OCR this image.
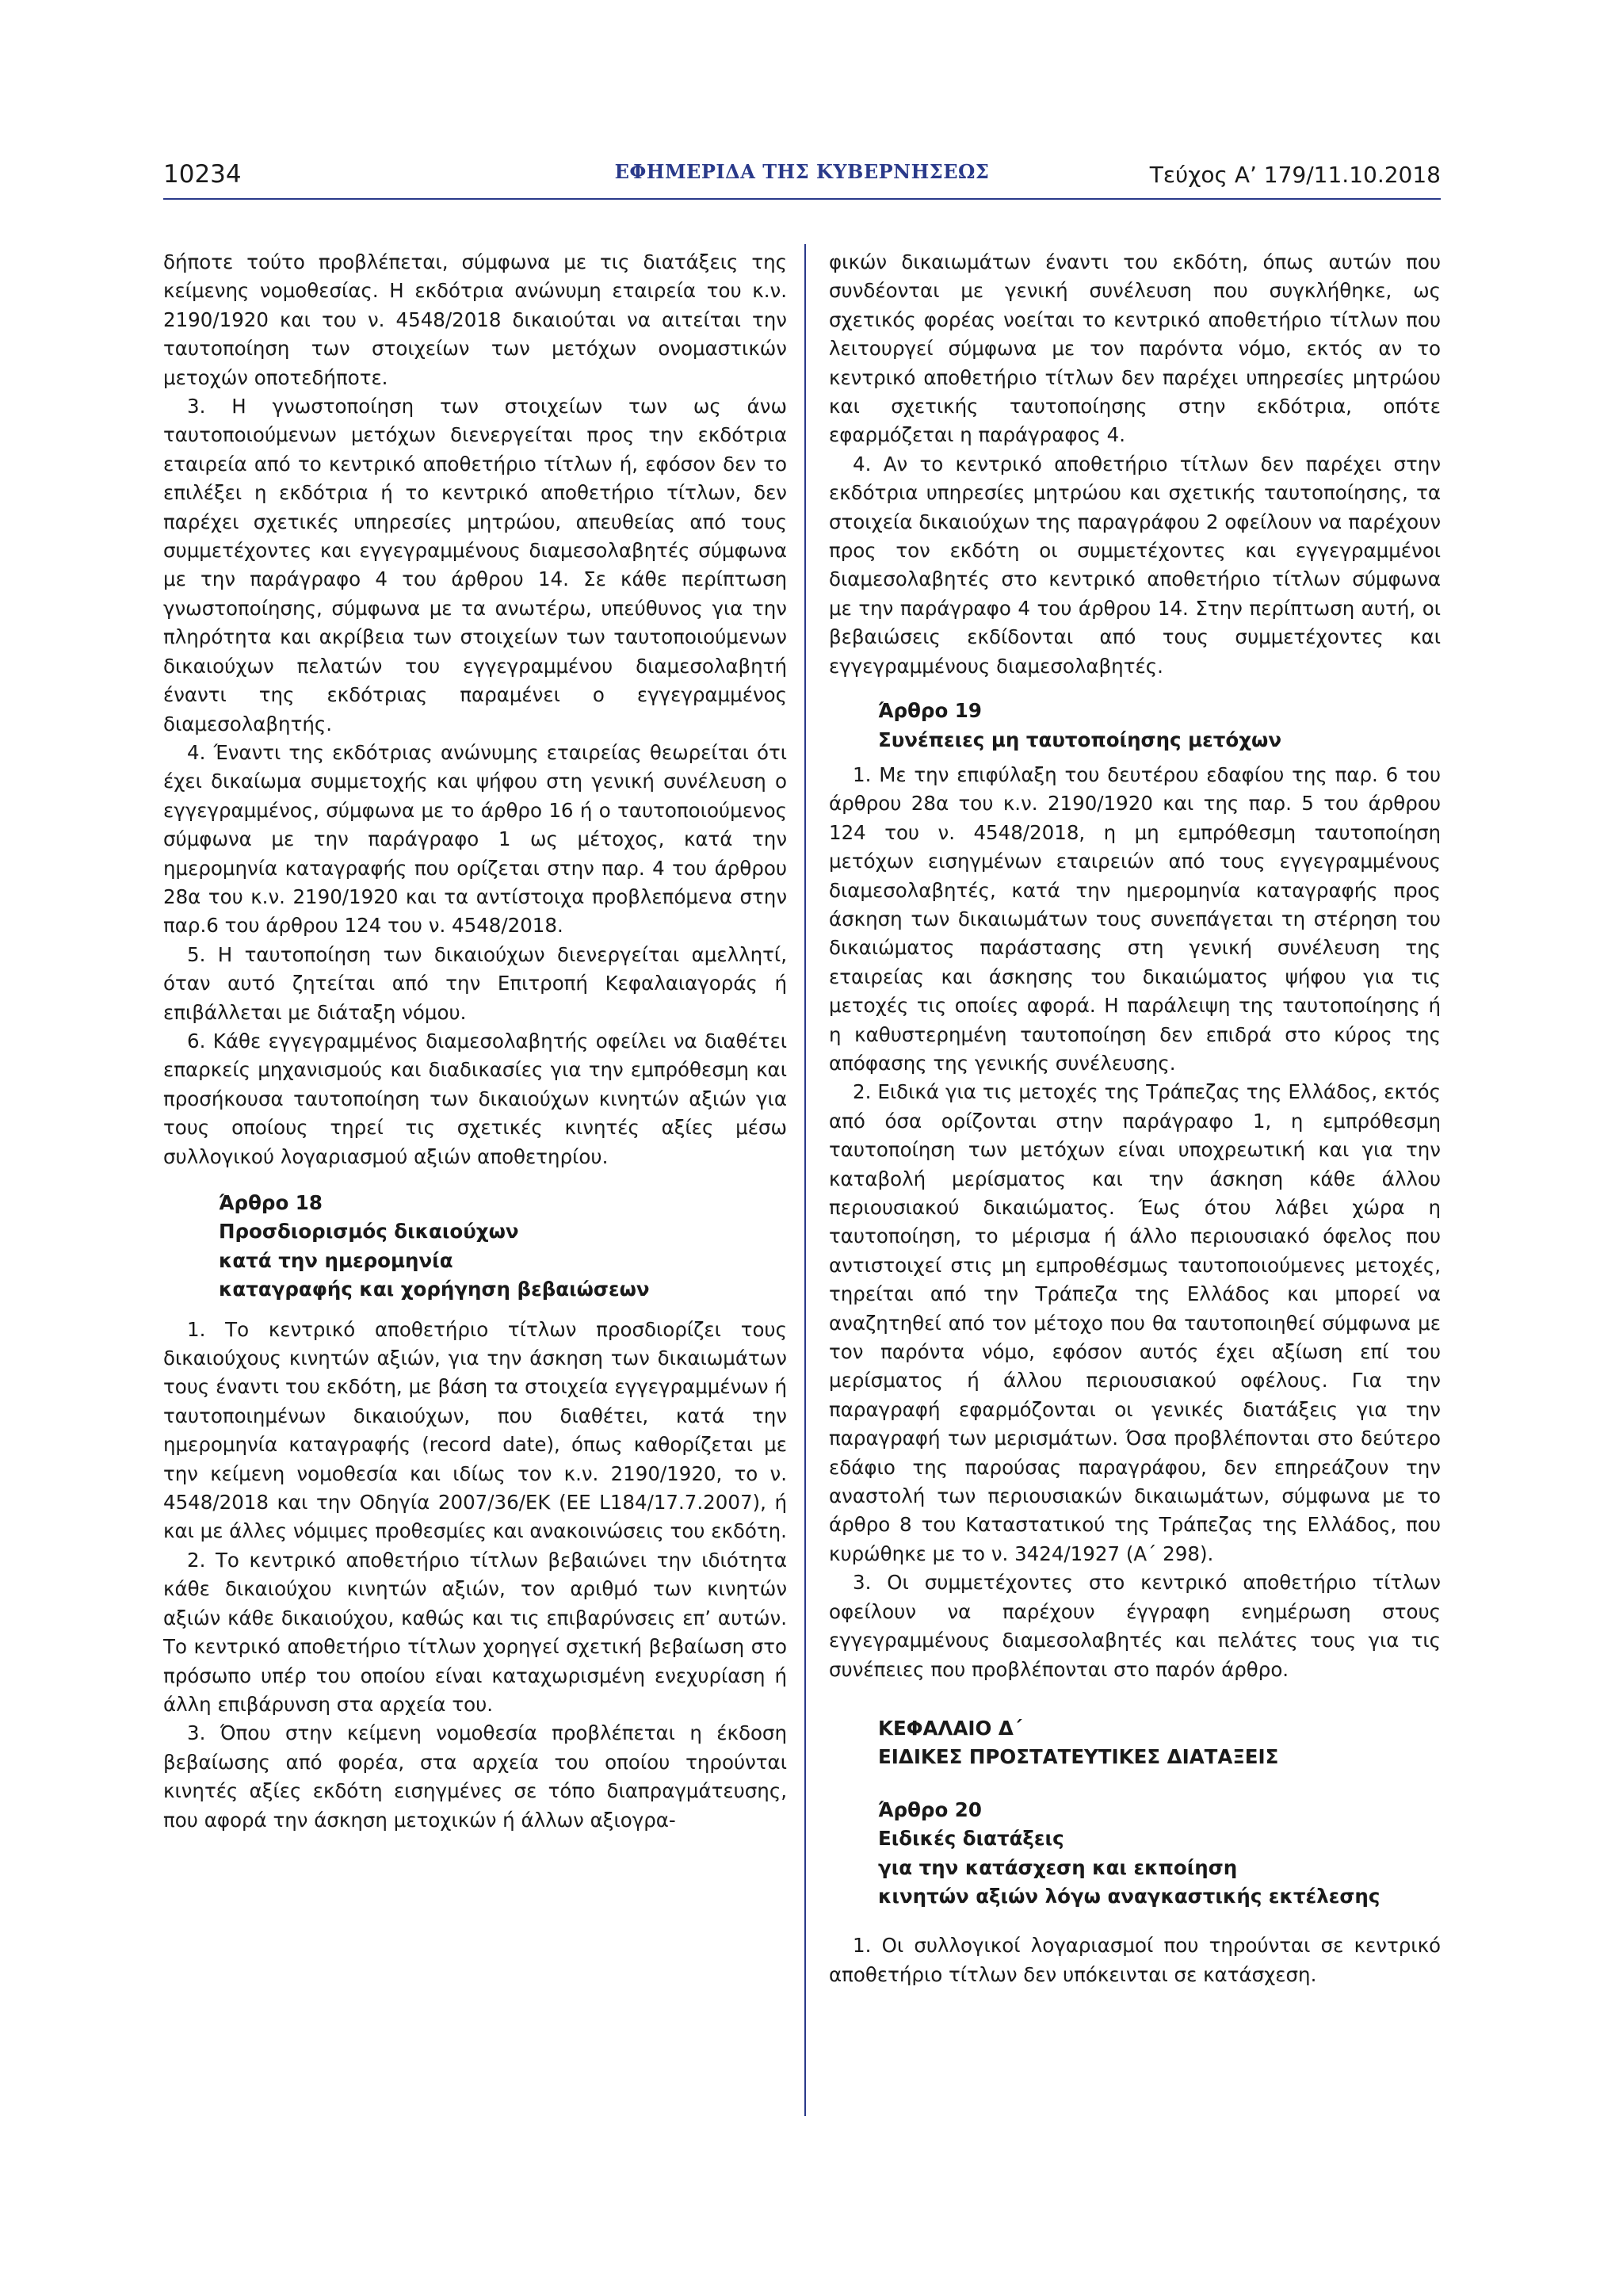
10234	ΕΦΗΜΕΡΙΔΑ ΤΗΣ ΚΥΒΕΡΝΗΣΕΩΣ	Τεύχος Α’ 179/11.10.2018

δήποτε τούτο προβλέπεται, σύμφωνα με τις διατάξεις της κείμενης νομοθεσίας. Η εκδότρια ανώνυμη εταιρεία του κ.ν. 2190/1920 και του ν. 4548/2018 δικαιούται να αιτείται την ταυτοποίηση των στοιχείων των μετόχων ονομαστικών μετοχών οποτεδήποτε.

3. Η γνωστοποίηση των στοιχείων των ως άνω ταυτοποιούμενων μετόχων διενεργείται προς την εκδότρια εταιρεία από το κεντρικό αποθετήριο τίτλων ή, εφόσον δεν το επιλέξει η εκδότρια ή το κεντρικό αποθετήριο τίτλων, δεν παρέχει σχετικές υπηρεσίες μητρώου, απευθείας από τους συμμετέχοντες και εγγεγραμμένους διαμεσολαβητές σύμφωνα με την παράγραφο 4 του άρθρου 14. Σε κάθε περίπτωση γνωστοποίησης, σύμφωνα με τα ανωτέρω, υπεύθυνος για την πληρότητα και ακρίβεια των στοιχείων των ταυτοποιούμενων δικαιούχων πελατών του εγγεγραμμένου διαμεσολαβητή έναντι της εκδότριας παραμένει ο εγγεγραμμένος διαμεσολαβητής.

4. Έναντι της εκδότριας ανώνυμης εταιρείας θεωρείται ότι έχει δικαίωμα συμμετοχής και ψήφου στη γενική συνέλευση ο εγγεγραμμένος, σύμφωνα με το άρθρο 16 ή ο ταυτοποιούμενος σύμφωνα με την παράγραφο 1 ως μέτοχος, κατά την ημερομηνία καταγραφής που ορίζεται στην παρ. 4 του άρθρου 28α του κ.ν. 2190/1920 και τα αντίστοιχα προβλεπόμενα στην παρ.6 του άρθρου 124 του ν. 4548/2018.

5. Η ταυτοποίηση των δικαιούχων διενεργείται αμελλητί, όταν αυτό ζητείται από την Επιτροπή Κεφαλαιαγοράς ή επιβάλλεται με διάταξη νόμου.

6. Κάθε εγγεγραμμένος διαμεσολαβητής οφείλει να διαθέτει επαρκείς μηχανισμούς και διαδικασίες για την εμπρόθεσμη και προσήκουσα ταυτοποίηση των δικαιούχων κινητών αξιών για τους οποίους τηρεί τις σχετικές κινητές αξίες μέσω συλλογικού λογαριασμού αξιών αποθετηρίου.

Άρθρο 18
Προσδιορισμός δικαιούχων
κατά την ημερομηνία
καταγραφής και χορήγηση βεβαιώσεων

1. Το κεντρικό αποθετήριο τίτλων προσδιορίζει τους δικαιούχους κινητών αξιών, για την άσκηση των δικαιωμάτων τους έναντι του εκδότη, με βάση τα στοιχεία εγγεγραμμένων ή ταυτοποιημένων δικαιούχων, που διαθέτει, κατά την ημερομηνία καταγραφής (record date), όπως καθορίζεται με την κείμενη νομοθεσία και ιδίως τον κ.ν. 2190/1920, το ν. 4548/2018 και την Οδηγία 2007/36/ΕΚ (ΕΕ L184/17.7.2007), ή και με άλλες νόμιμες προθεσμίες και ανακοινώσεις του εκδότη.

2. Το κεντρικό αποθετήριο τίτλων βεβαιώνει την ιδιότητα κάθε δικαιούχου κινητών αξιών, τον αριθμό των κινητών αξιών κάθε δικαιούχου, καθώς και τις επιβαρύνσεις επ’ αυτών. Το κεντρικό αποθετήριο τίτλων χορηγεί σχετική βεβαίωση στο πρόσωπο υπέρ του οποίου είναι καταχωρισμένη ενεχυρίαση ή άλλη επιβάρυνση στα αρχεία του.

3. Όπου στην κείμενη νομοθεσία προβλέπεται η έκδοση βεβαίωσης από φορέα, στα αρχεία του οποίου τηρούνται κινητές αξίες εκδότη εισηγμένες σε τόπο διαπραγμάτευσης, που αφορά την άσκηση μετοχικών ή άλλων αξιογρα-

φικών δικαιωμάτων έναντι του εκδότη, όπως αυτών που συνδέονται με γενική συνέλευση που συγκλήθηκε, ως σχετικός φορέας νοείται το κεντρικό αποθετήριο τίτλων που λειτουργεί σύμφωνα με τον παρόντα νόμο, εκτός αν το κεντρικό αποθετήριο τίτλων δεν παρέχει υπηρεσίες μητρώου και σχετικής ταυτοποίησης στην εκδότρια, οπότε εφαρμόζεται η παράγραφος 4.

4. Αν το κεντρικό αποθετήριο τίτλων δεν παρέχει στην εκδότρια υπηρεσίες μητρώου και σχετικής ταυτοποίησης, τα στοιχεία δικαιούχων της παραγράφου 2 οφείλουν να παρέχουν προς τον εκδότη οι συμμετέχοντες και εγγεγραμμένοι διαμεσολαβητές στο κεντρικό αποθετήριο τίτλων σύμφωνα με την παράγραφο 4 του άρθρου 14. Στην περίπτωση αυτή, οι βεβαιώσεις εκδίδονται από τους συμμετέχοντες και εγγεγραμμένους διαμεσολαβητές.

Άρθρο 19
Συνέπειες μη ταυτοποίησης μετόχων

1. Με την επιφύλαξη του δευτέρου εδαφίου της παρ. 6 του άρθρου 28α του κ.ν. 2190/1920 και της παρ. 5 του άρθρου 124 του ν. 4548/2018, η μη εμπρόθεσμη ταυτοποίηση μετόχων εισηγμένων εταιρειών από τους εγγεγραμμένους διαμεσολαβητές, κατά την ημερομηνία καταγραφής προς άσκηση των δικαιωμάτων τους συνεπάγεται τη στέρηση του δικαιώματος παράστασης στη γενική συνέλευση της εταιρείας και άσκησης του δικαιώματος ψήφου για τις μετοχές τις οποίες αφορά. Η παράλειψη της ταυτοποίησης ή η καθυστερημένη ταυτοποίηση δεν επιδρά στο κύρος της απόφασης της γενικής συνέλευσης.

2. Ειδικά για τις μετοχές της Τράπεζας της Ελλάδος, εκτός από όσα ορίζονται στην παράγραφο 1, η εμπρόθεσμη ταυτοποίηση των μετόχων είναι υποχρεωτική και για την καταβολή μερίσματος και την άσκηση κάθε άλλου περιουσιακού δικαιώματος. Έως ότου λάβει χώρα η ταυτοποίηση, το μέρισμα ή άλλο περιουσιακό όφελος που αντιστοιχεί στις μη εμπροθέσμως ταυτοποιούμενες μετοχές, τηρείται από την Τράπεζα της Ελλάδος και μπορεί να αναζητηθεί από τον μέτοχο που θα ταυτοποιηθεί σύμφωνα με τον παρόντα νόμο, εφόσον αυτός έχει αξίωση επί του μερίσματος ή άλλου περιουσιακού οφέλους. Για την παραγραφή εφαρμόζονται οι γενικές διατάξεις για την παραγραφή των μερισμάτων. Όσα προβλέπονται στο δεύτερο εδάφιο της παρούσας παραγράφου, δεν επηρεάζουν την αναστολή των περιουσιακών δικαιωμάτων, σύμφωνα με το άρθρο 8 του Καταστατικού της Τράπεζας της Ελλάδος, που κυρώθηκε με το ν. 3424/1927 (Α΄ 298).

3. Οι συμμετέχοντες στο κεντρικό αποθετήριο τίτλων οφείλουν να παρέχουν έγγραφη ενημέρωση στους εγγεγραμμένους διαμεσολαβητές και πελάτες τους για τις συνέπειες που προβλέπονται στο παρόν άρθρο.

ΚΕΦΑΛΑΙΟ Δ΄
ΕΙΔΙΚΕΣ ΠΡΟΣΤΑΤΕΥΤΙΚΕΣ ΔΙΑΤΑΞΕΙΣ
Άρθρο 20
Ειδικές διατάξεις
για την κατάσχεση και εκποίηση
κινητών αξιών λόγω αναγκαστικής εκτέλεσης

1. Οι συλλογικοί λογαριασμοί που τηρούνται σε κεντρικό αποθετήριο τίτλων δεν υπόκεινται σε κατάσχεση.
